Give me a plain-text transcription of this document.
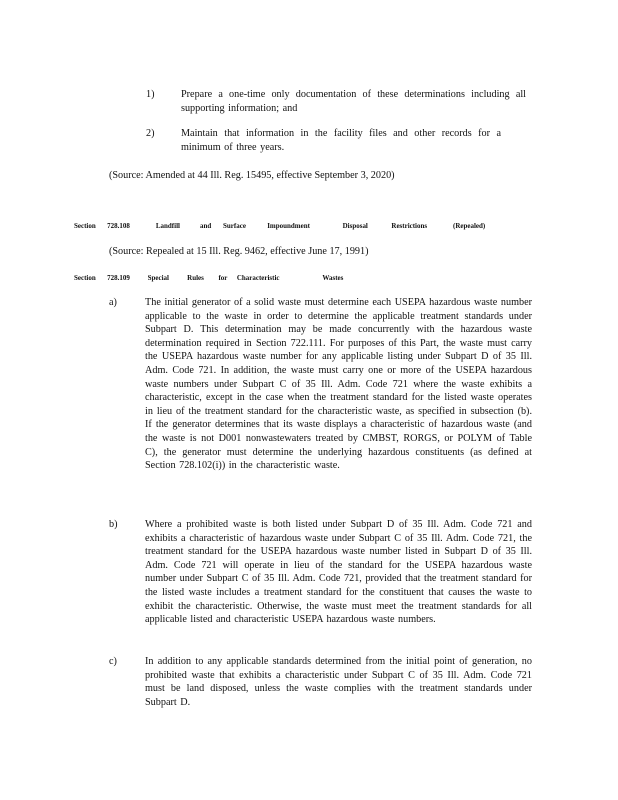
1)	Prepare a one-time only documentation of these determinations including all supporting information; and
2)	Maintain that information in the facility files and other records for a minimum of three years.
(Source: Amended at 44 Ill. Reg. 15495, effective September 3, 2020)
Section 728.108	Landfill	and Surface	Impoundment	Disposal	Restrictions	(Repealed)
(Source: Repealed at 15 Ill. Reg. 9462, effective June 17, 1991)
Section 728.109 Special Rules for Characteristic	Wastes
a)	The initial generator of a solid waste must determine each USEPA hazardous waste number applicable to the waste in order to determine the applicable treatment standards under Subpart D. This determination may be made concurrently with the hazardous waste determination required in Section 722.111. For purposes of this Part, the waste must carry the USEPA hazardous waste number for any applicable listing under Subpart D of 35 Ill. Adm. Code 721. In addition, the waste must carry one or more of the USEPA hazardous waste numbers under Subpart C of 35 Ill. Adm. Code 721 where the waste exhibits a characteristic, except in the case when the treatment standard for the listed waste operates in lieu of the treatment standard for the characteristic waste, as specified in subsection (b). If the generator determines that its waste displays a characteristic of hazardous waste (and the waste is not D001 nonwastewaters treated by CMBST, RORGS, or POLYM of Table C), the generator must determine the underlying hazardous constituents (as defined at Section 728.102(i)) in the characteristic waste.
b)	Where a prohibited waste is both listed under Subpart D of 35 Ill. Adm. Code 721 and exhibits a characteristic of hazardous waste under Subpart C of 35 Ill. Adm. Code 721, the treatment standard for the USEPA hazardous waste number listed in Subpart D of 35 Ill. Adm. Code 721 will operate in lieu of the standard for the USEPA hazardous waste number under Subpart C of 35 Ill. Adm. Code 721, provided that the treatment standard for the listed waste includes a treatment standard for the constituent that causes the waste to exhibit the characteristic. Otherwise, the waste must meet the treatment standards for all applicable listed and characteristic USEPA hazardous waste numbers.
c)	In addition to any applicable standards determined from the initial point of generation, no prohibited waste that exhibits a characteristic under Subpart C of 35 Ill. Adm. Code 721 must be land disposed, unless the waste complies with the treatment standards under Subpart D.
